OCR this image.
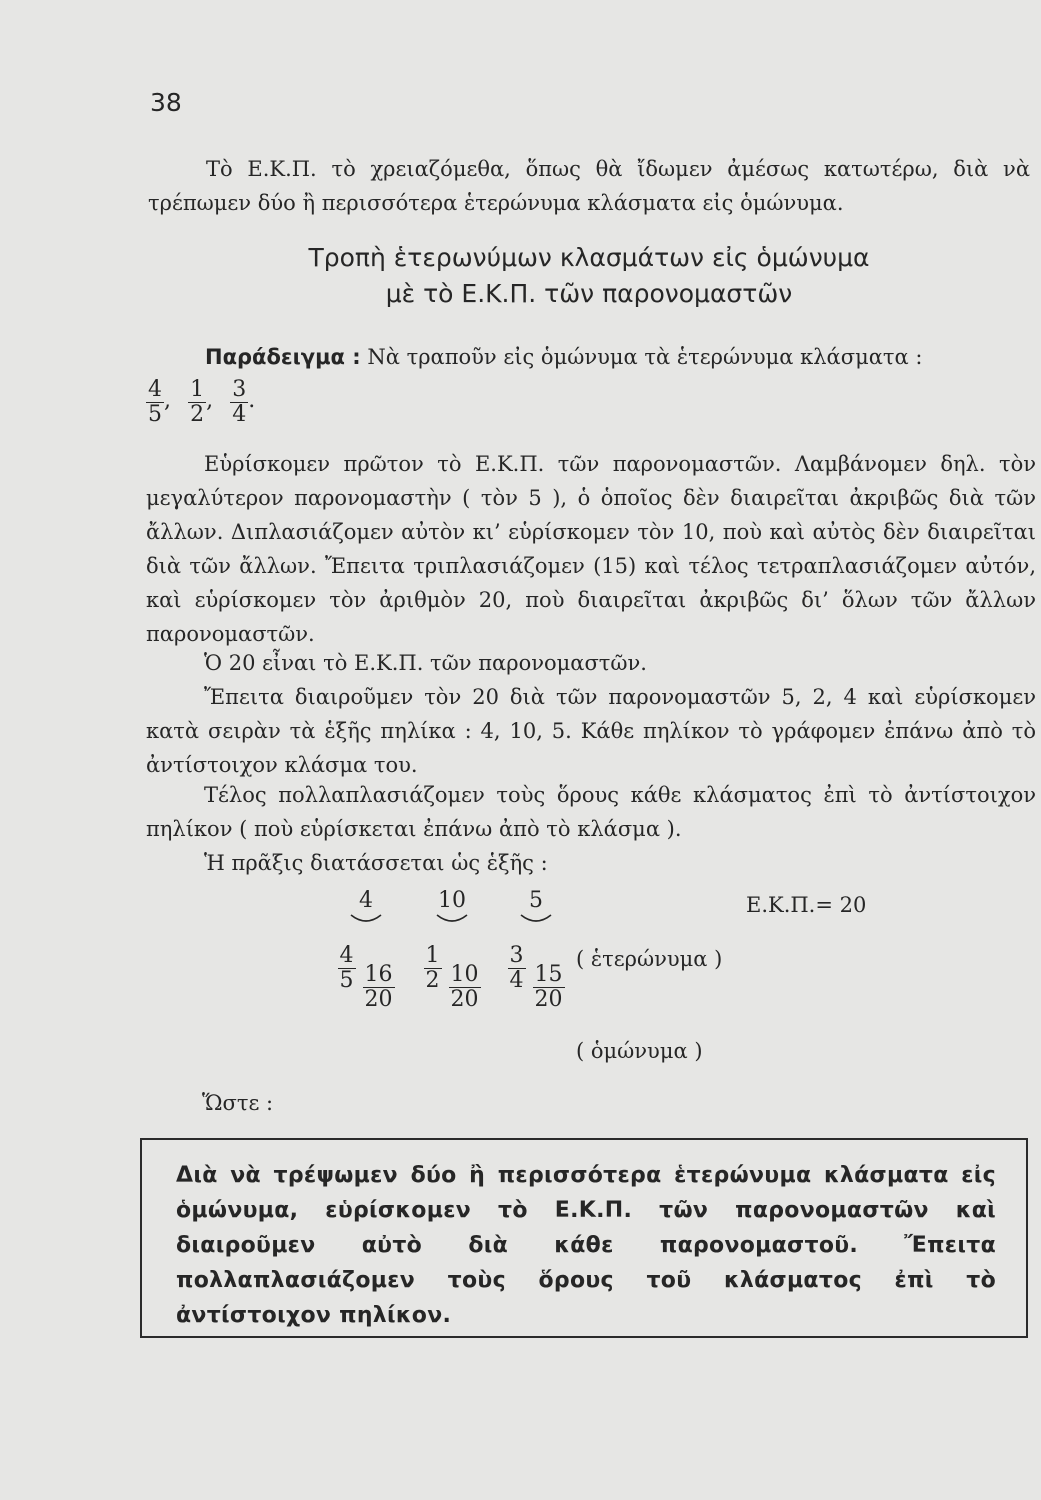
38
Τὸ Ε.Κ.Π. τὸ χρειαζόμεθα, ὅπως θὰ ἴδωμεν ἀμέσως κατωτέρω, διὰ νὰ τρέπωμεν δύο ἢ περισσότερα ἑτερώνυμα κλάσματα εἰς ὁμώνυμα.
Τροπὴ ἑτερωνύμων κλασμάτων εἰς ὁμώνυμα
μὲ τὸ Ε.Κ.Π. τῶν παρονομαστῶν
Παράδειγμα : Νὰ τραποῦν εἰς ὁμώνυμα τὰ ἑτερώνυμα κλάσματα :
$\frac{4}{5}$ , $\frac{1}{2}$ , $\frac{3}{4}$ .
Εὑρίσκομεν πρῶτον τὸ Ε.Κ.Π. τῶν παρονομαστῶν. Λαμβάνομεν δηλ. τὸν μεγαλύτερον παρονομαστὴν ( τὸν 5 ), ὁ ὁποῖος δὲν διαιρεῖται ἀκριβῶς διὰ τῶν ἄλλων. Διπλασιάζομεν αὐτὸν κι’ εὑρίσκομεν τὸν 10, ποὺ καὶ αὐτὸς δὲν διαιρεῖται διὰ τῶν ἄλλων. Ἔπειτα τριπλασιάζομεν (15) καὶ τέλος τετραπλασιάζομεν αὐτόν, καὶ εὑρίσκομεν τὸν ἀριθμὸν 20, ποὺ διαιρεῖται ἀκριβῶς δι’ ὅλων τῶν ἄλλων παρονομαστῶν.
Ὁ 20 εἶναι τὸ Ε.Κ.Π. τῶν παρονομαστῶν.
Ἔπειτα διαιροῦμεν τὸν 20 διὰ τῶν παρονομαστῶν 5, 2, 4 καὶ εὑρίσκομεν κατὰ σειρὰν τὰ ἑξῆς πηλίκα : 4, 10, 5. Κάθε πηλίκον τὸ γράφομεν ἐπάνω ἀπὸ τὸ ἀντίστοιχον κλάσμα του.
Τέλος πολλαπλασιάζομεν τοὺς ὅρους κάθε κλάσματος ἐπὶ τὸ ἀντίστοιχον πηλίκον ( ποὺ εὑρίσκεται ἐπάνω ἀπὸ τὸ κλάσμα ).
Ἡ πρᾶξις διατάσσεται ὡς ἑξῆς :
4
$\frac{4}{5}$
$\frac{16}{20}$
10
$\frac{1}{2}$
$\frac{10}{20}$
5
$\frac{3}{4}$
$\frac{15}{20}$
( ἑτερώνυμα )
( ὁμώνυμα )
Ε.Κ.Π.= 20
Ὥστε :
Διὰ νὰ τρέψωμεν δύο ἢ περισσότερα ἑτερώνυμα κλάσματα εἰς ὁμώνυμα, εὑρίσκομεν τὸ Ε.Κ.Π. τῶν παρονομαστῶν καὶ διαιροῦμεν αὐτὸ διὰ κάθε παρονομαστοῦ. Ἔπειτα πολλαπλασιάζομεν τοὺς ὅρους τοῦ κλάσματος ἐπὶ τὸ ἀντίστοιχον πηλίκον.
